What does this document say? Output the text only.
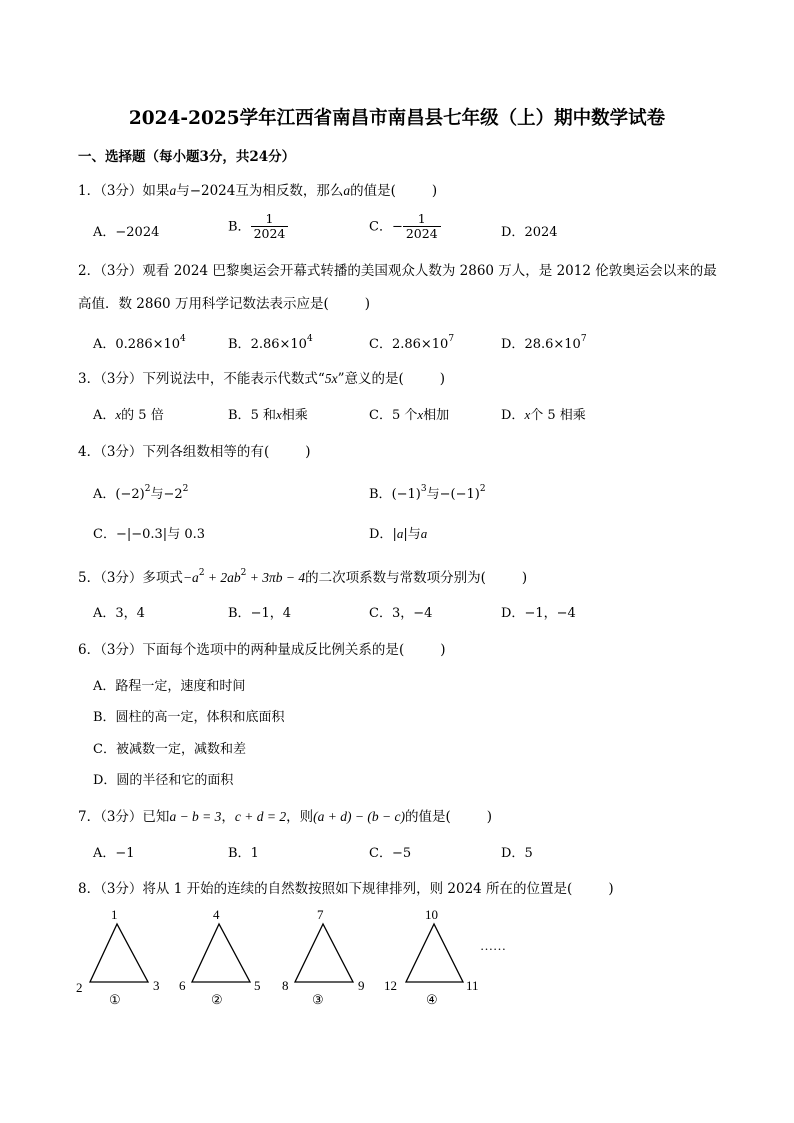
2024-2025学年江西省南昌市南昌县七年级（上）期中数学试卷
一、选择题（每小题3分，共24分）
1．（3分）如果a与−2024互为相反数，那么a的值是(	)
A．−2024	B． $\frac{1}{2024}$	C．− $\frac{1}{2024}$	D．2024
2．（3分）观看 2024 巴黎奥运会开幕式转播的美国观众人数为 2860 万人，是 2012 伦敦奥运会以来的最
高值．数 2860 万用科学记数法表示应是(	)
A．$0.286\times 10^4$	B．$2.86\times 10^4$	C．$2.86\times 10^7$	D．$28.6\times 10^7$
3．（3分）下列说法中，不能表示代数式“5x”意义的是(	)
A．x的 5 倍	B．5 和x相乘	C．5 个x相加	D．x个 5 相乘
4．（3分）下列各组数相等的有(	)
A．$(-2)^2$与$-2^2$	B．$(-1)^3$与$-(-1)^2$
C．−|−0.3|与 0.3	D．|a|与a
5．（3分）多项式$-a^2 + 2ab^2 + 3\pi b - 4$的二次项系数与常数项分别为(	)
A．3，4	B．−1，4	C．3，−4	D．−1，−4
6．（3分）下面每个选项中的两种量成反比例关系的是(	)
A．路程一定，速度和时间
B．圆柱的高一定，体积和底面积
C．被减数一定，减数和差
D．圆的半径和它的面积
7．（3分）已知a − b = 3，c + d = 2，则(a + d) − (b − c)的值是(	)
A．−1	B．1	C．−5	D．5
8．（3分）将从 1 开始的连续的自然数按照如下规律排列，则 2024 所在的位置是(	)
1
2	3
①
4
6	5
②
7
8	9
③
10
12	11
④
……
